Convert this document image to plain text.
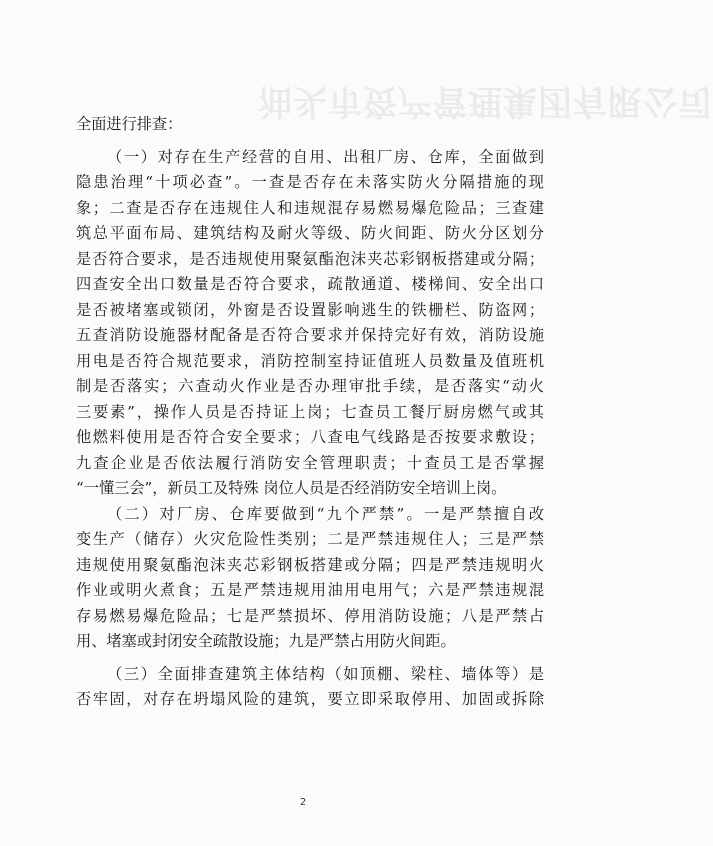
油头市资产管理集团有限公司
全面进行排查：
（一）对存在生产经营的自用、出租厂房、仓库，全面做到
隐患治理“十项必查”。一查是否存在未落实防火分隔措施的现
象；二查是否存在违规住人和违规混存易燃易爆危险品；三查建
筑总平面布局、建筑结构及耐火等级、防火间距、防火分区划分
是否符合要求，是否违规使用聚氨酯泡沫夹芯彩钢板搭建或分隔；
四查安全出口数量是否符合要求，疏散通道、楼梯间、安全出口
是否被堵塞或锁闭，外窗是否设置影响逃生的铁栅栏、防盗网；
五查消防设施器材配备是否符合要求并保持完好有效，消防设施
用电是否符合规范要求，消防控制室持证值班人员数量及值班机
制是否落实；六查动火作业是否办理审批手续，是否落实“动火
三要素”，操作人员是否持证上岗；七查员工餐厅厨房燃气或其
他燃料使用是否符合安全要求；八查电气线路是否按要求敷设；
九查企业是否依法履行消防安全管理职责；十查员工是否掌握
“一懂三会”，新员工及特殊 岗位人员是否经消防安全培训上岗。
（二）对厂房、仓库要做到“九个严禁”。一是严禁擅自改
变生产（储存）火灾危险性类别；二是严禁违规住人；三是严禁
违规使用聚氨酯泡沫夹芯彩钢板搭建或分隔；四是严禁违规明火
作业或明火煮食；五是严禁违规用油用电用气；六是严禁违规混
存易燃易爆危险品；七是严禁损坏、停用消防设施；八是严禁占
用、堵塞或封闭安全疏散设施；九是严禁占用防火间距。
（三）全面排查建筑主体结构（如顶棚、梁柱、墙体等）是
否牢固，对存在坍塌风险的建筑，要立即采取停用、加固或拆除
2
